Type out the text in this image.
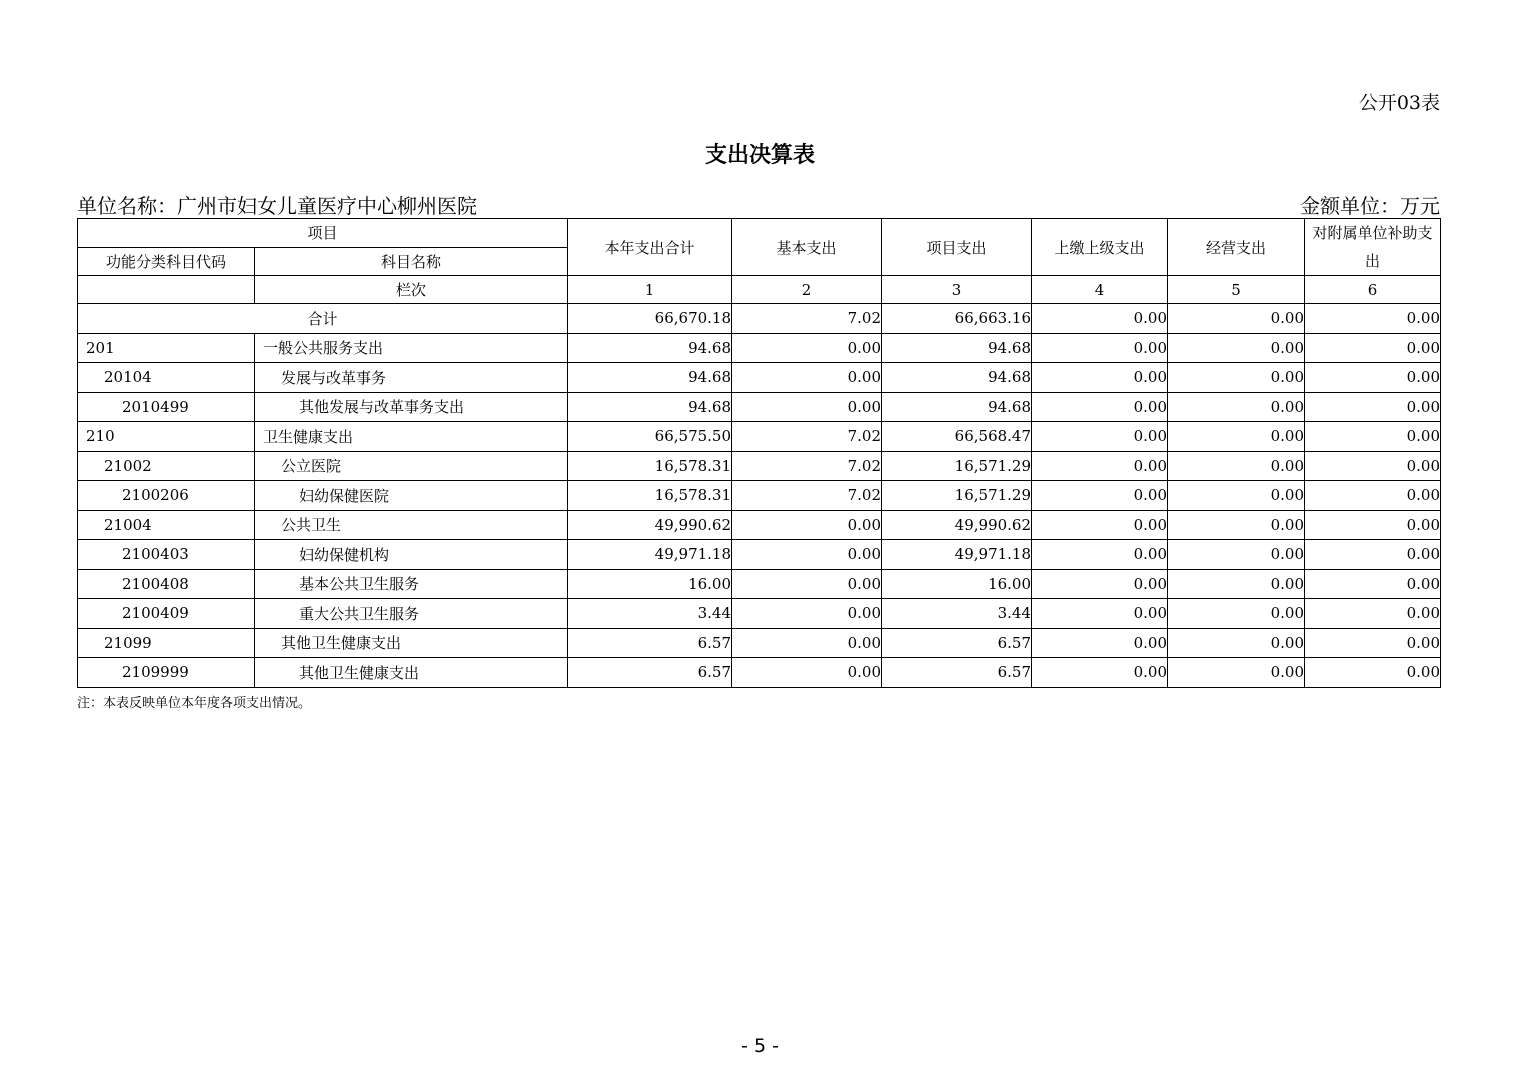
公开03表
支出决算表
单位名称：广州市妇女儿童医疗中心柳州医院	金额单位：万元
项目		本年支出合计	基本支出	项目支出	上缴上级支出	经营支出	对附属单位补助支出
功能分类科目代码	科目名称						
	栏次	1	2	3	4	5	6
合计		66,670.18	7.02	66,663.16	0.00	0.00	0.00
201	一般公共服务支出	94.68	0.00	94.68	0.00	0.00	0.00
20104	发展与改革事务	94.68	0.00	94.68	0.00	0.00	0.00
2010499	其他发展与改革事务支出	94.68	0.00	94.68	0.00	0.00	0.00
210	卫生健康支出	66,575.50	7.02	66,568.47	0.00	0.00	0.00
21002	公立医院	16,578.31	7.02	16,571.29	0.00	0.00	0.00
2100206	妇幼保健医院	16,578.31	7.02	16,571.29	0.00	0.00	0.00
21004	公共卫生	49,990.62	0.00	49,990.62	0.00	0.00	0.00
2100403	妇幼保健机构	49,971.18	0.00	49,971.18	0.00	0.00	0.00
2100408	基本公共卫生服务	16.00	0.00	16.00	0.00	0.00	0.00
2100409	重大公共卫生服务	3.44	0.00	3.44	0.00	0.00	0.00
21099	其他卫生健康支出	6.57	0.00	6.57	0.00	0.00	0.00
2109999	其他卫生健康支出	6.57	0.00	6.57	0.00	0.00	0.00
注：本表反映单位本年度各项支出情况。
- 5 -
